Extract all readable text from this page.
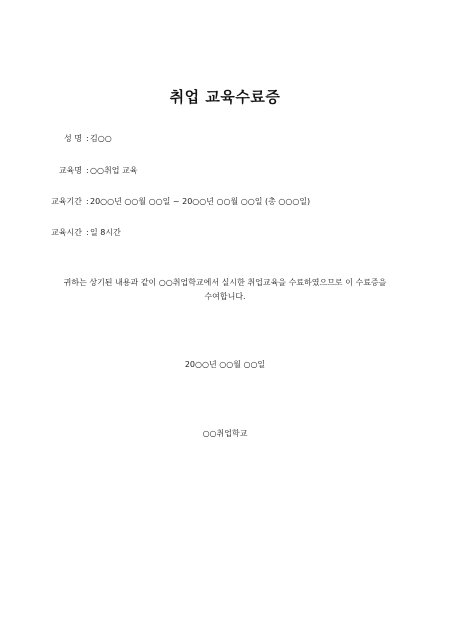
취업 교육수료증
성 명 : 김○○
교육명 : ○○취업 교육
교육기간 : 20○○년 ○○월 ○○일 ~ 20○○년 ○○월 ○○일 (총 ○○○일)
교육시간 : 일 8시간
귀하는 상기된 내용과 같이 ○○취업학교에서 실시한 취업교육을 수료하였으므로 이 수료증을
수여합니다.
20○○년 ○○월 ○○일
○○취업학교
